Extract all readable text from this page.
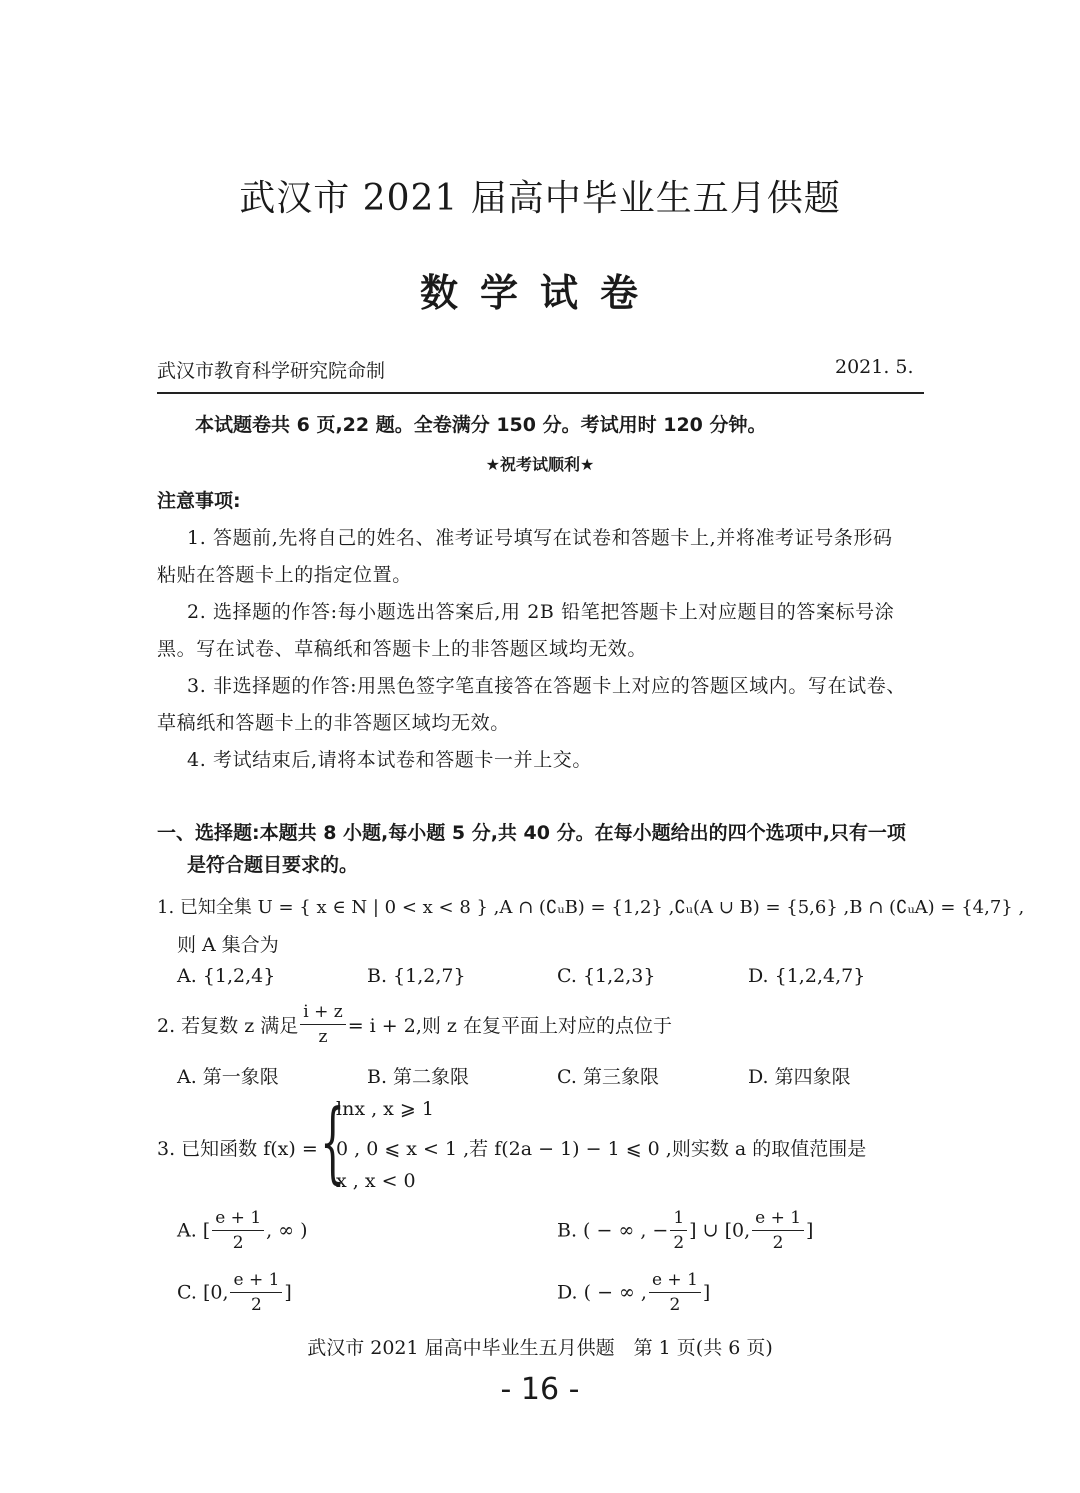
武汉市 2021 届高中毕业生五月供题
数学试卷
武汉市教育科学研究院命制	2021. 5.
本试题卷共 6 页,22 题。全卷满分 150 分。考试用时 120 分钟。
★祝考试顺利★
注意事项:
1. 答题前,先将自己的姓名、准考证号填写在试卷和答题卡上,并将准考证号条形码
粘贴在答题卡上的指定位置。
2. 选择题的作答:每小题选出答案后,用 2B 铅笔把答题卡上对应题目的答案标号涂
黑。写在试卷、草稿纸和答题卡上的非答题区域均无效。
3. 非选择题的作答:用黑色签字笔直接答在答题卡上对应的答题区域内。写在试卷、
草稿纸和答题卡上的非答题区域均无效。
4. 考试结束后,请将本试卷和答题卡一并上交。
一、选择题:本题共 8 小题,每小题 5 分,共 40 分。在每小题给出的四个选项中,只有一项
是符合题目要求的。
1. 已知全集 U = { x ∈ N | 0 < x < 8 } ,A ∩ (∁ᵤB) = {1,2} ,∁ᵤ(A ∪ B) = {5,6} ,B ∩ (∁ᵤA) = {4,7} ,
则 A 集合为
A. {1,2,4}	B. {1,2,7}	C. {1,2,3}	D. {1,2,4,7}
2. 若复数 z 满足 $\frac{i + z}{z} = i + 2$,则 z 在复平面上对应的点位于
A. 第一象限	B. 第二象限	C. 第三象限	D. 第四象限
3. 已知函数 f(x) = {
lnx , x ⩾ 1
0 , 0 ⩽ x < 1 ,若 f(2a − 1) − 1 ⩽ 0 ,则实数 a 的取值范围是
x , x < 0
A. [ $\frac{e + 1}{2}$ , ∞ )	B. ( − ∞ , − $\frac{1}{2}$ ] ∪ [0, $\frac{e + 1}{2}$ ]
C. [0, $\frac{e + 1}{2}$ ]	D. ( − ∞ , $\frac{e + 1}{2}$ ]
武汉市 2021 届高中毕业生五月供题　第 1 页(共 6 页)
- 16 -
